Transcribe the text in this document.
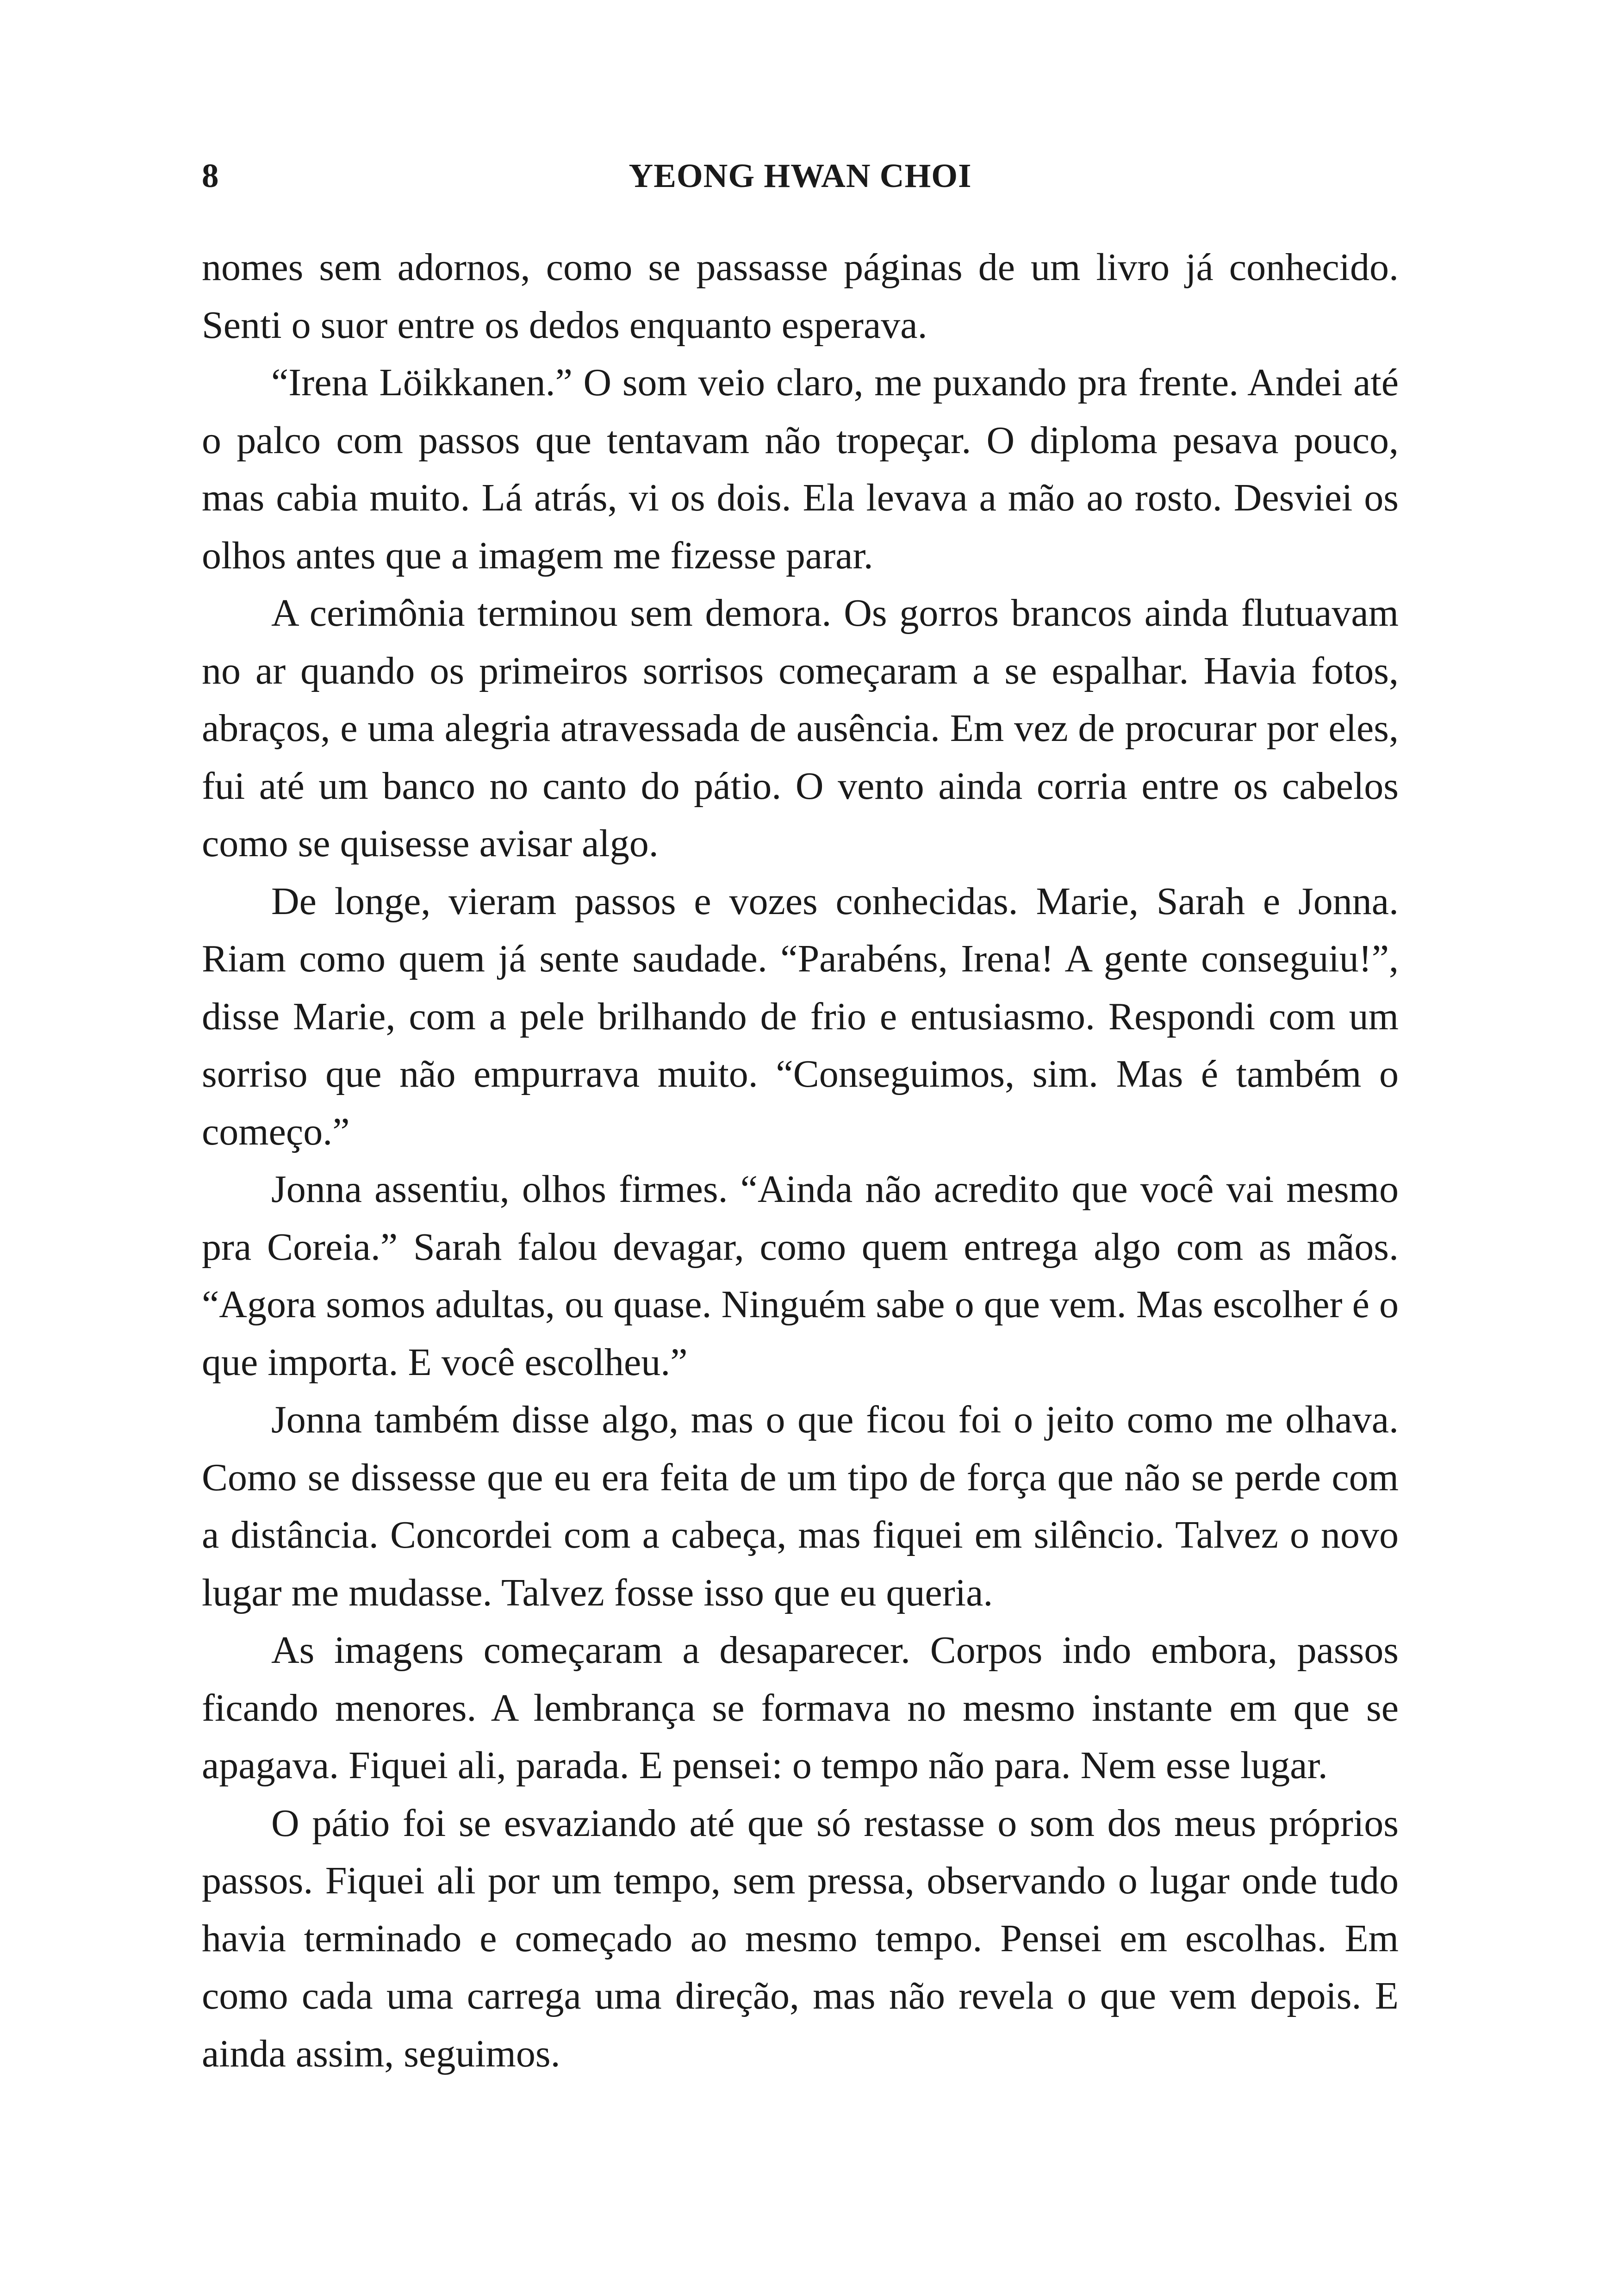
8	YEONG HWAN CHOI

nomes sem adornos, como se passasse páginas de um livro já conhecido. Senti o suor entre os dedos enquanto esperava.

“Irena Löikkanen.” O som veio claro, me puxando pra frente. Andei até o palco com passos que tentavam não tropeçar. O diploma pesava pouco, mas cabia muito. Lá atrás, vi os dois. Ela levava a mão ao rosto. Desviei os olhos antes que a imagem me fizesse parar.

A cerimônia terminou sem demora. Os gorros brancos ainda flutuavam no ar quando os primeiros sorrisos começaram a se espalhar. Havia fotos, abraços, e uma alegria atravessada de ausência. Em vez de procurar por eles, fui até um banco no canto do pátio. O vento ainda corria entre os cabelos como se quisesse avisar algo.

De longe, vieram passos e vozes conhecidas. Marie, Sarah e Jonna. Riam como quem já sente saudade. “Parabéns, Irena! A gente conseguiu!”, disse Marie, com a pele brilhando de frio e entusiasmo. Respondi com um sorriso que não empurrava muito. “Conseguimos, sim. Mas é também o começo.”

Jonna assentiu, olhos firmes. “Ainda não acredito que você vai mesmo pra Coreia.” Sarah falou devagar, como quem entrega algo com as mãos. “Agora somos adultas, ou quase. Ninguém sabe o que vem. Mas escolher é o que importa. E você escolheu.”

Jonna também disse algo, mas o que ficou foi o jeito como me olhava. Como se dissesse que eu era feita de um tipo de força que não se perde com a distância. Concordei com a cabeça, mas fiquei em silêncio. Talvez o novo lugar me mudasse. Talvez fosse isso que eu queria.

As imagens começaram a desaparecer. Corpos indo embora, passos ficando menores. A lembrança se formava no mesmo instante em que se apagava. Fiquei ali, parada. E pensei: o tempo não para. Nem esse lugar.

O pátio foi se esvaziando até que só restasse o som dos meus próprios passos. Fiquei ali por um tempo, sem pressa, observando o lugar onde tudo havia terminado e começado ao mesmo tempo. Pensei em escolhas. Em como cada uma carrega uma direção, mas não revela o que vem depois. E ainda assim, seguimos.
